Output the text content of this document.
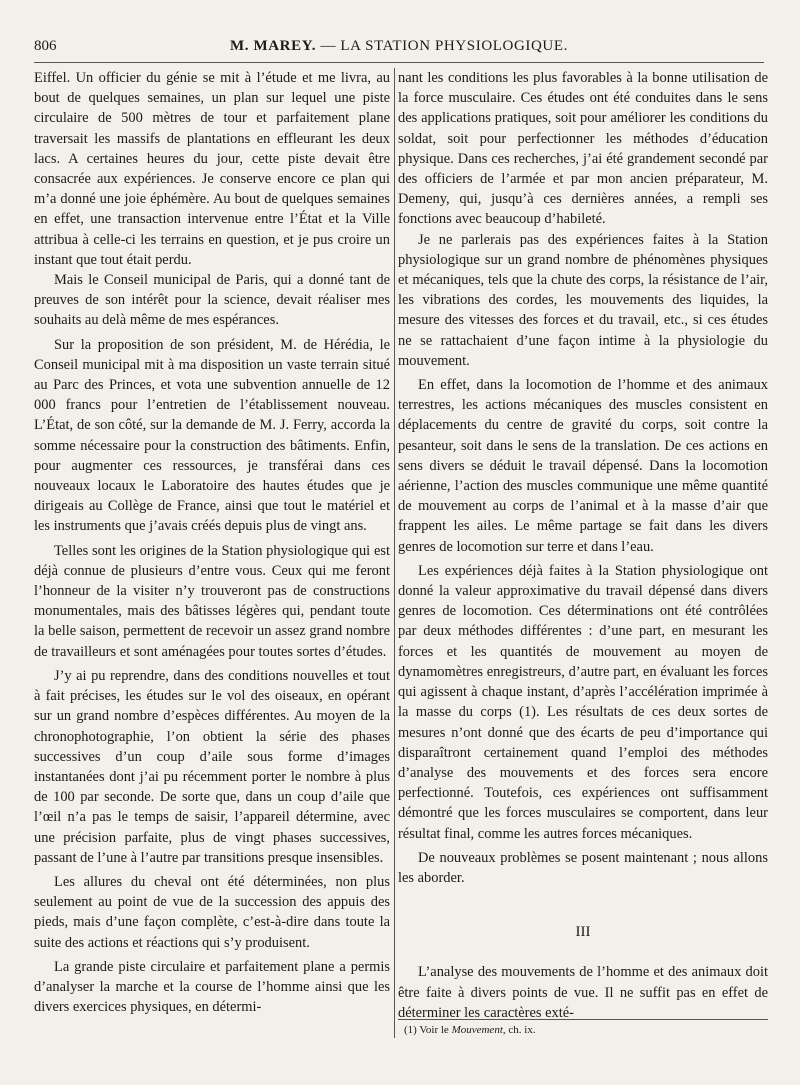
806	M. MAREY. — LA STATION PHYSIOLOGIQUE.

Eiffel. Un officier du génie se mit à l’étude et me livra, au bout de quelques semaines, un plan sur lequel une piste circulaire de 500 mètres de tour et parfaitement plane traversait les massifs de plantations en effleurant les deux lacs. A certaines heures du jour, cette piste devait être consacrée aux expériences. Je conserve encore ce plan qui m’a donné une joie éphémère. Au bout de quelques semaines en effet, une transaction intervenue entre l’État et la Ville attribua à celle-ci les terrains en question, et je pus croire un instant que tout était perdu.

Mais le Conseil municipal de Paris, qui a donné tant de preuves de son intérêt pour la science, devait réaliser mes souhaits au delà même de mes espérances.

Sur la proposition de son président, M. de Hérédia, le Conseil municipal mit à ma disposition un vaste terrain situé au Parc des Princes, et vota une subvention annuelle de 12 000 francs pour l’entretien de l’établissement nouveau. L’État, de son côté, sur la demande de M. J. Ferry, accorda la somme nécessaire pour la construction des bâtiments. Enfin, pour augmenter ces ressources, je transférai dans ces nouveaux locaux le Laboratoire des hautes études que je dirigeais au Collège de France, ainsi que tout le matériel et les instruments que j’avais créés depuis plus de vingt ans.

Telles sont les origines de la Station physiologique qui est déjà connue de plusieurs d’entre vous. Ceux qui me feront l’honneur de la visiter n’y trouveront pas de constructions monumentales, mais des bâtisses légères qui, pendant toute la belle saison, permettent de recevoir un assez grand nombre de travailleurs et sont aménagées pour toutes sortes d’études.

J’y ai pu reprendre, dans des conditions nouvelles et tout à fait précises, les études sur le vol des oiseaux, en opérant sur un grand nombre d’espèces différentes. Au moyen de la chronophotographie, l’on obtient la série des phases successives d’un coup d’aile sous forme d’images instantanées dont j’ai pu récemment porter le nombre à plus de 100 par seconde. De sorte que, dans un coup d’aile que l’œil n’a pas le temps de saisir, l’appareil détermine, avec une précision parfaite, plus de vingt phases successives, passant de l’une à l’autre par transitions presque insensibles.

Les allures du cheval ont été déterminées, non plus seulement au point de vue de la succession des appuis des pieds, mais d’une façon complète, c’est-à-dire dans toute la suite des actions et réactions qui s’y produisent.

La grande piste circulaire et parfaitement plane a permis d’analyser la marche et la course de l’homme ainsi que les divers exercices physiques, en détermi-

nant les conditions les plus favorables à la bonne utilisation de la force musculaire. Ces études ont été conduites dans le sens des applications pratiques, soit pour améliorer les conditions du soldat, soit pour perfectionner les méthodes d’éducation physique. Dans ces recherches, j’ai été grandement secondé par des officiers de l’armée et par mon ancien préparateur, M. Demeny, qui, jusqu’à ces dernières années, a rempli ses fonctions avec beaucoup d’habileté.

Je ne parlerais pas des expériences faites à la Station physiologique sur un grand nombre de phénomènes physiques et mécaniques, tels que la chute des corps, la résistance de l’air, les vibrations des cordes, les mouvements des liquides, la mesure des vitesses des forces et du travail, etc., si ces études ne se rattachaient d’une façon intime à la physiologie du mouvement.

En effet, dans la locomotion de l’homme et des animaux terrestres, les actions mécaniques des muscles consistent en déplacements du centre de gravité du corps, soit contre la pesanteur, soit dans le sens de la translation. De ces actions en sens divers se déduit le travail dépensé. Dans la locomotion aérienne, l’action des muscles communique une même quantité de mouvement au corps de l’animal et à la masse d’air que frappent les ailes. Le même partage se fait dans les divers genres de locomotion sur terre et dans l’eau.

Les expériences déjà faites à la Station physiologique ont donné la valeur approximative du travail dépensé dans divers genres de locomotion. Ces déterminations ont été contrôlées par deux méthodes différentes : d’une part, en mesurant les forces et les quantités de mouvement au moyen de dynamomètres enregistreurs, d’autre part, en évaluant les forces qui agissent à chaque instant, d’après l’accélération imprimée à la masse du corps (1). Les résultats de ces deux sortes de mesures n’ont donné que des écarts de peu d’importance qui disparaîtront certainement quand l’emploi des méthodes d’analyse des mouvements et des forces sera encore perfectionné. Toutefois, ces expériences ont suffisamment démontré que les forces musculaires se comportent, dans leur résultat final, comme les autres forces mécaniques.

De nouveaux problèmes se posent maintenant ; nous allons les aborder.

III

L’analyse des mouvements de l’homme et des animaux doit être faite à divers points de vue. Il ne suffit pas en effet de déterminer les caractères exté-

(1) Voir le Mouvement, ch. ix.
